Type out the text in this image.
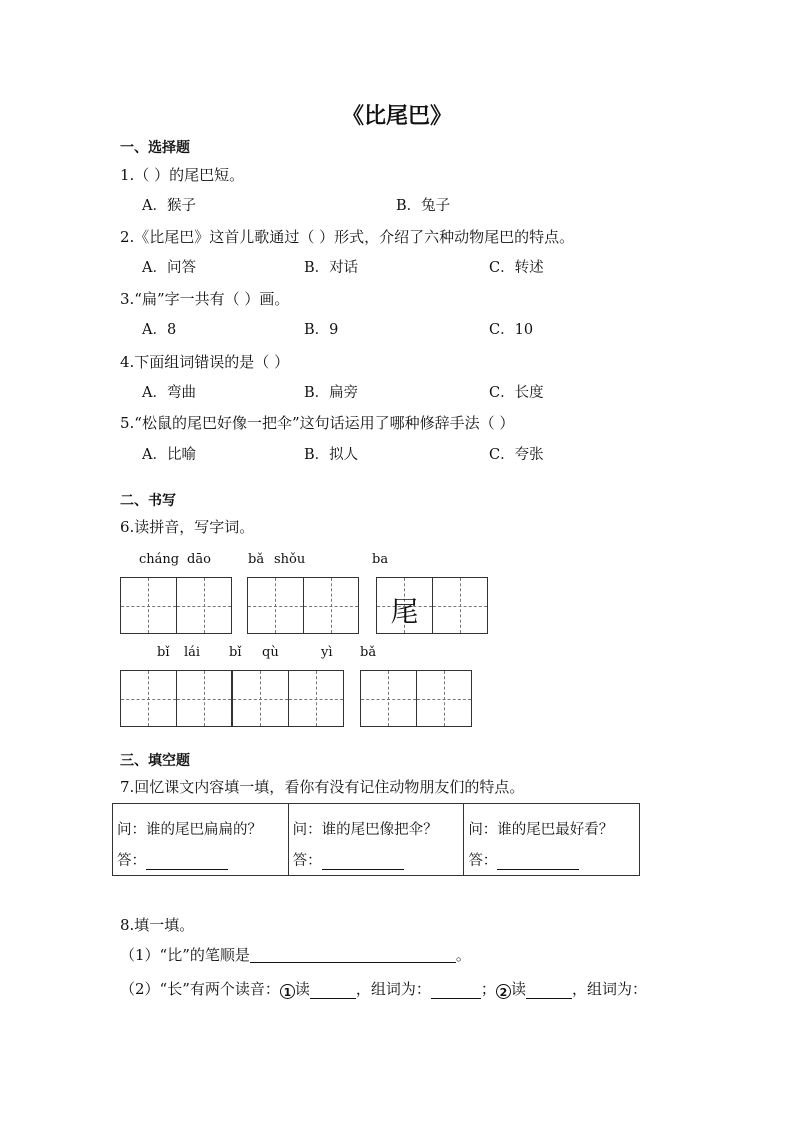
《比尾巴》
一、选择题
1.（ ）的尾巴短。
A．猴子	B．兔子
2.《比尾巴》这首儿歌通过（ ）形式，介绍了六种动物尾巴的特点。
A．问答	B．对话	C．转述
3.“扁”字一共有（ ）画。
A．8	B．9	C．10
4.下面组词错误的是（ ）
A．弯曲	B．扁旁	C．长度
5.“松鼠的尾巴好像一把伞”这句话运用了哪种修辞手法（ ）
A．比喻	B．拟人	C．夸张
二、书写
6.读拼音，写字词。
cháng dāo	bǎ shǒu	ba
尾
bǐ lái bǐ qù	yì bǎ
三、填空题
7.回忆课文内容填一填，看你有没有记住动物朋友们的特点。
问：谁的尾巴扁扁的？
答：

问：谁的尾巴像把伞？
答：

问：谁的尾巴最好看？
答：
8.填一填。
（1）“比”的笔顺是	。
（2）“长”有两个读音： 1 读	，组词为：	； 2 读	，组词为：
